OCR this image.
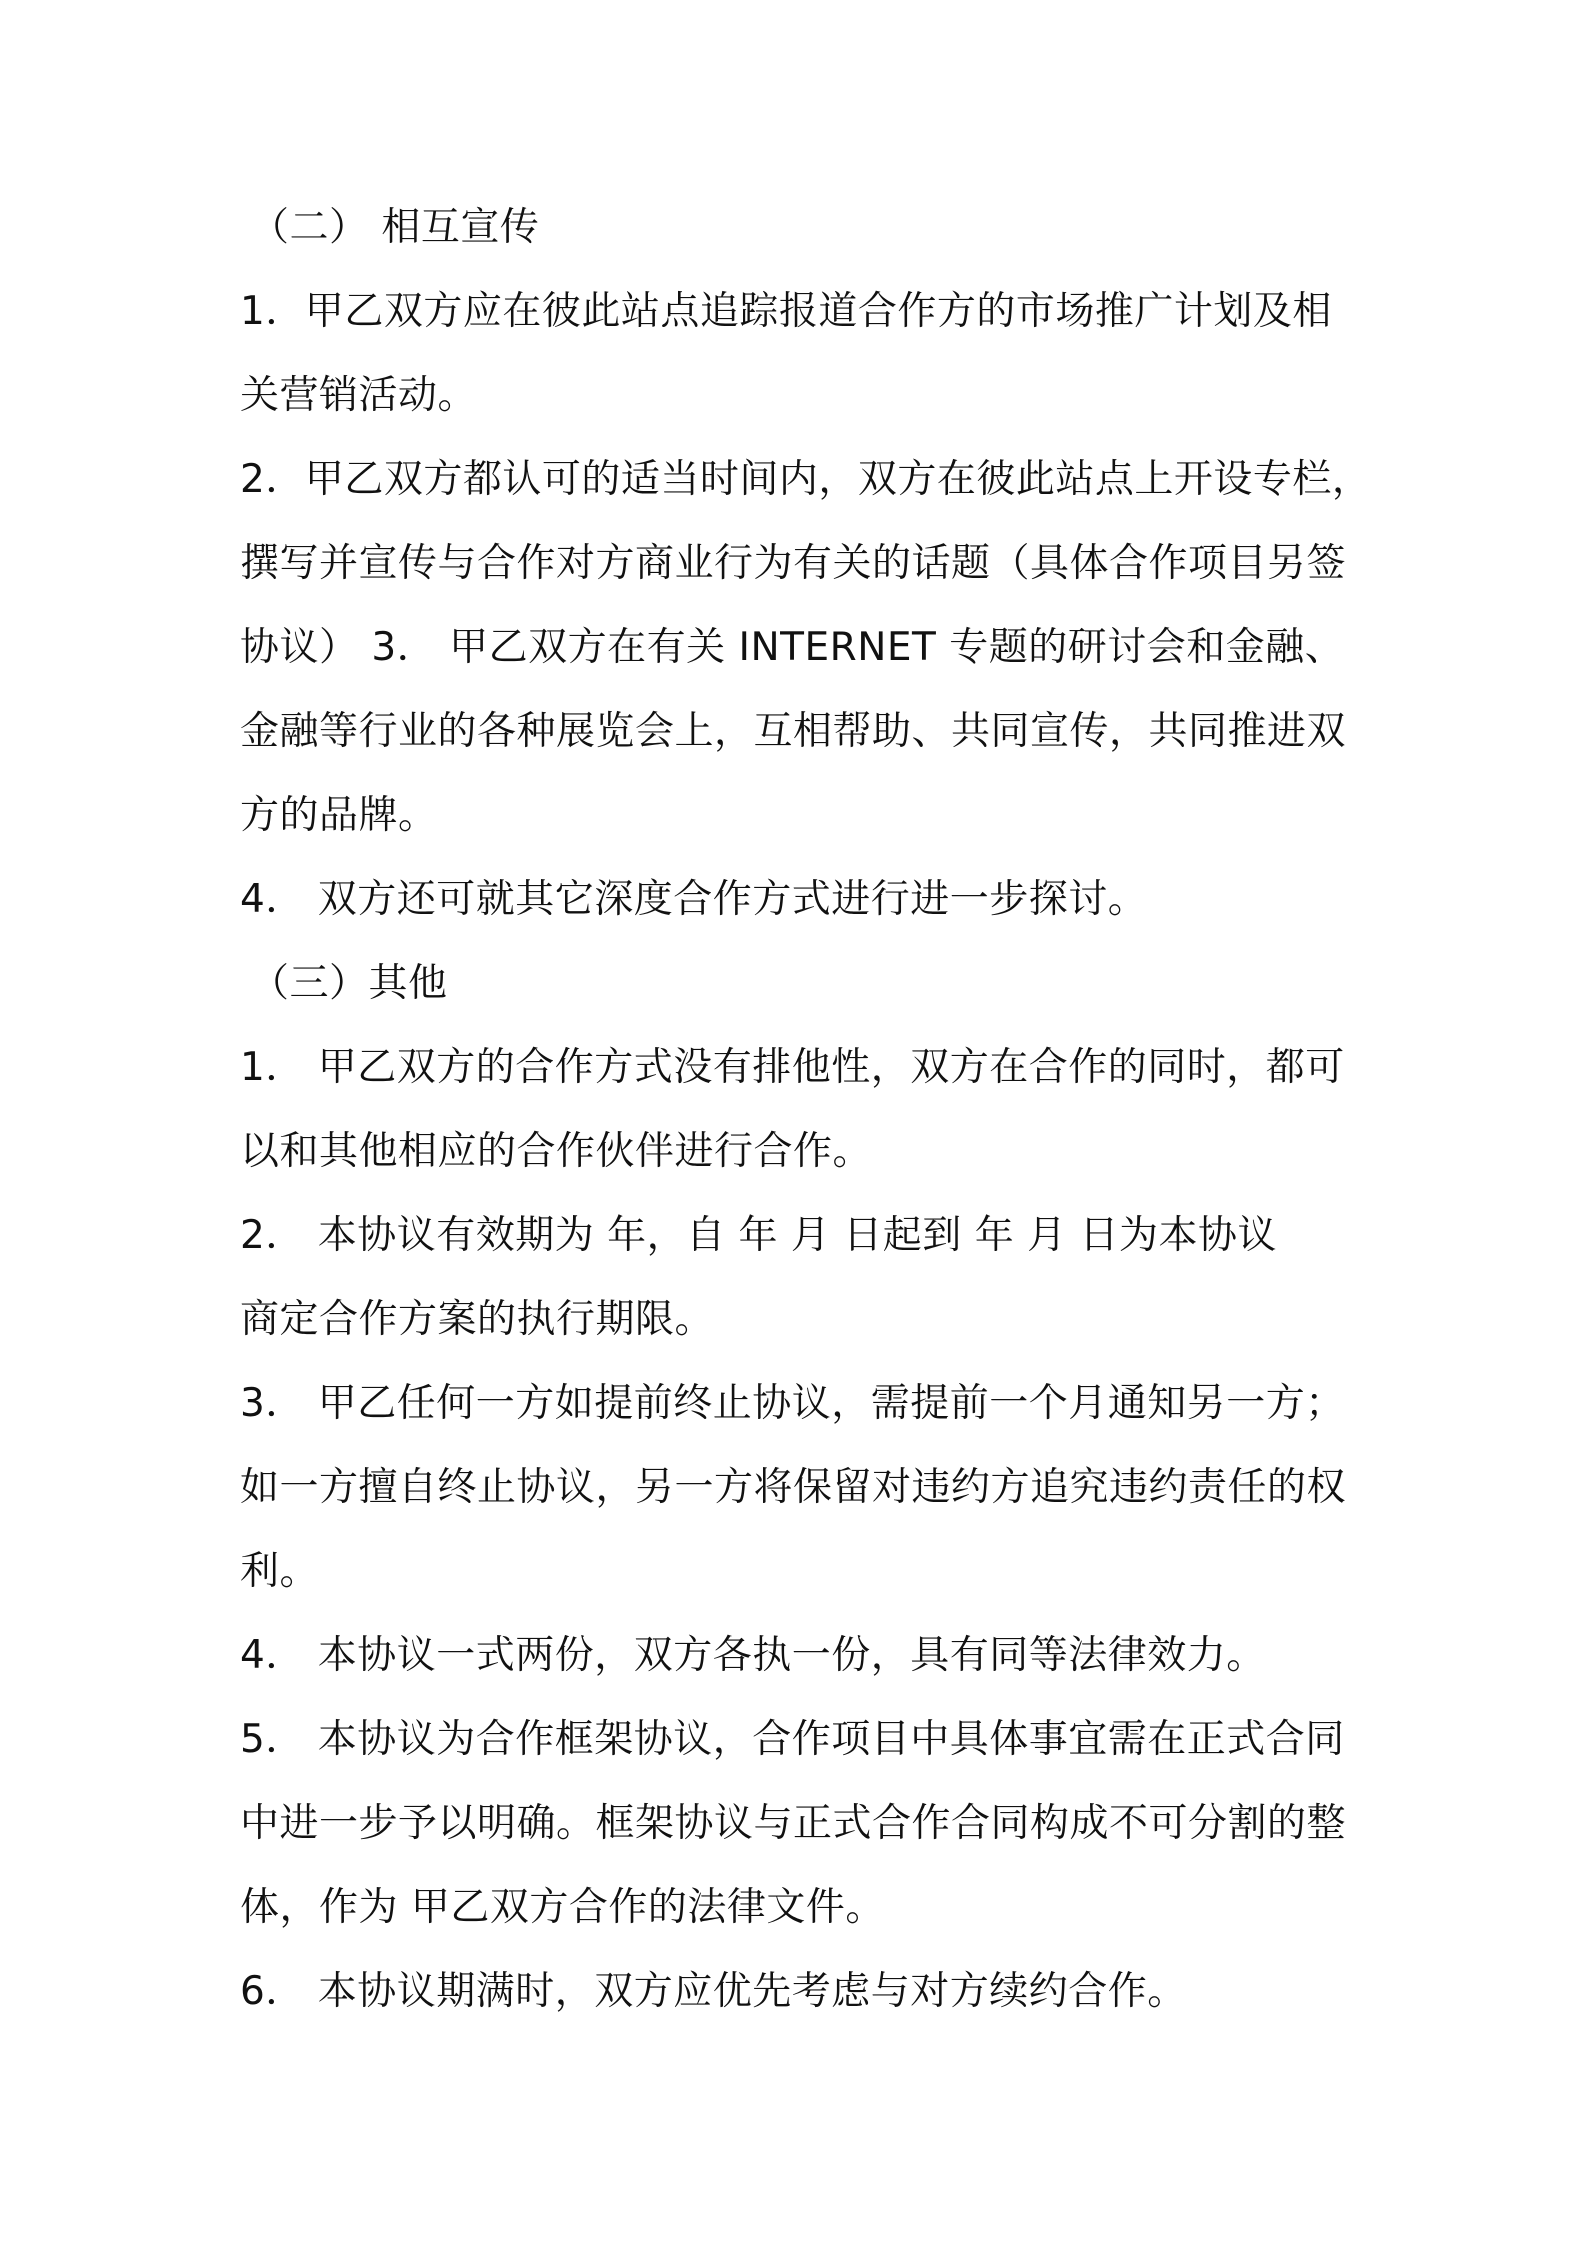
（二） 相互宣传
1．甲乙双方应在彼此站点追踪报道合作方的市场推广计划及相
关营销活动。
2．甲乙双方都认可的适当时间内，双方在彼此站点上开设专栏，
撰写并宣传与合作对方商业行为有关的话题（具体合作项目另签
协议） 3． 甲乙双方在有关 INTERNET 专题的研讨会和金融、
金融等行业的各种展览会上，互相帮助、共同宣传，共同推进双
方的品牌。
4． 双方还可就其它深度合作方式进行进一步探讨。
（三）其他
1． 甲乙双方的合作方式没有排他性，双方在合作的同时，都可
以和其他相应的合作伙伴进行合作。
2． 本协议有效期为 年，自 年 月 日起到 年 月 日为本协议
商定合作方案的执行期限。
3． 甲乙任何一方如提前终止协议，需提前一个月通知另一方；
如一方擅自终止协议，另一方将保留对违约方追究违约责任的权
利。
4． 本协议一式两份，双方各执一份，具有同等法律效力。
5． 本协议为合作框架协议，合作项目中具体事宜需在正式合同
中进一步予以明确。框架协议与正式合作合同构成不可分割的整
体，作为 甲乙双方合作的法律文件。
6． 本协议期满时，双方应优先考虑与对方续约合作。
